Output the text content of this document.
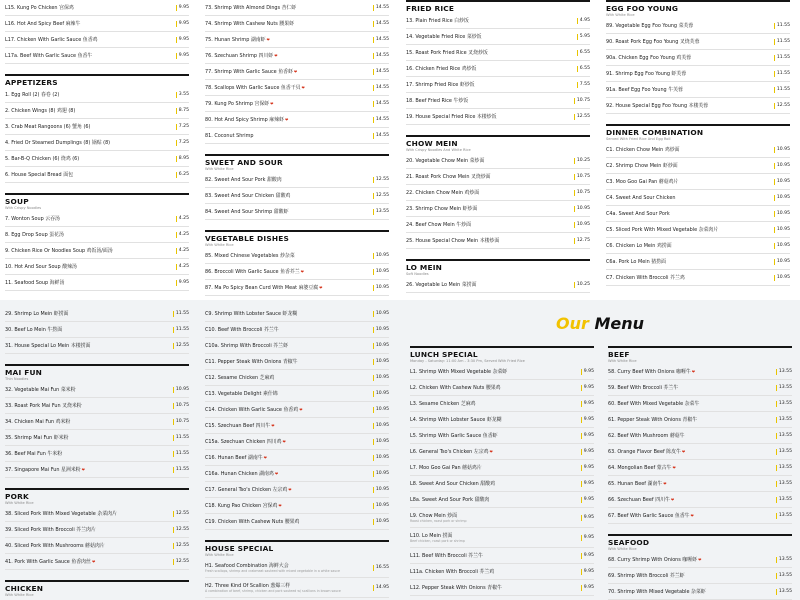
L15. Kung Po Chicken 宫保鸡	9.95
L16. Hot And Spicy Beef 麻辣牛	9.95
L17. Chicken With Garlic Sauce 鱼香鸡	9.95
L17a. Beef With Garlic Sauce 鱼香牛	9.95
APPETIZERS
1. Egg Roll (2) 春卷 (2)	3.55
2. Chicken Wings (8) 鸡翅 (8)	8.75
3. Crab Meat Rangoons (6) 蟹角 (6)	7.25
4. Fried Or Steamed Dumplings (8) 锅贴 (8)	7.25
5. Bar-B-Q Chicken (6) 烧鸡 (6)	8.95
6. House Special Bread 面包	6.25
SOUP
With Crispy Noodles
7. Wonton Soup 云吞汤	4.25
8. Egg Drop Soup 蛋花汤	4.25
9. Chicken Rice Or Noodles Soup 鸡饭汤/面汤	4.25
10. Hot And Sour Soup 酸辣汤	4.25
11. Seafood Soup 海鲜汤	9.95
73. Shrimp With Almond Dings 杏仁虾	14.55
74. Shrimp With Cashew Nuts 腰果虾	14.55
75. Hunan Shrimp 湖南虾❤	14.55
76. Szechuan Shrimp 四川虾❤	14.55
77. Shrimp With Garlic Sauce 鱼香虾❤	14.55
78. Scallops With Garlic Sauce 鱼香干贝❤	14.55
79. Kung Po Shrimp 宫保虾❤	14.55
80. Hot And Spicy Shrimp 麻辣虾❤	14.55
81. Coconut Shrimp	14.55
SWEET AND SOUR
With White Rice
82. Sweet And Sour Pork 甜酸肉	12.55
83. Sweet And Sour Chicken 甜酸鸡	12.55
84. Sweet And Sour Shrimp 甜酸虾	13.55
VEGETABLE DISHES
With White Rice
85. Mixed Chinese Vegetables 炒杂菜	10.95
86. Broccoli With Garlic Sauce 鱼香芥兰❤	10.95
87. Ma Po Spicy Bean Curd With Meat 麻婆豆腐❤	10.95
FRIED RICE
13. Plain Fried Rice 白炒饭	4.95
14. Vegetable Fried Rice 菜炒饭	5.95
15. Roast Pork Fried Rice 叉烧炒饭	6.55
16. Chicken Fried Rice 鸡炒饭	6.55
17. Shrimp Fried Rice 虾炒饭	7.55
18. Beef Fried Rice 牛炒饭	10.75
19. House Special Fried Rice 本楼炒饭	12.55
CHOW MEIN
With Crispy Noodles And White Rice
20. Vegetable Chow Mein 菜炒面	10.25
21. Roast Pork Chow Mein 叉烧炒面	10.75
22. Chicken Chow Mein 鸡炒面	10.75
23. Shrimp Chow Mein 虾炒面	10.95
24. Beef Chow Mein 牛炒面	10.95
25. House Special Chow Mein 本楼炒面	12.75
LO MEIN
Soft Noodles
26. Vegetable Lo Mein 菜捞面	10.25
EGG FOO YOUNG
With White Rice
89. Vegetable Egg Foo Young 菜芙蓉	11.55
90. Roast Pork Egg Foo Young 叉烧芙蓉	11.55
90a. Chicken Egg Foo Young 鸡芙蓉	11.55
91. Shrimp Egg Foo Young 虾芙蓉	11.55
91a. Beef Egg Foo Young 牛芙蓉	11.55
92. House Special Egg Foo Young 本楼芙蓉	12.55
DINNER COMBINATION
Served With Fried Rice And Egg Roll
C1. Chicken Chow Mein 鸡炒面	10.95
C2. Shrimp Chow Mein 虾炒面	10.95
C3. Moo Goo Gai Pan 蘑菇鸡片	10.95
C4. Sweet And Sour Chicken	10.95
C4a. Sweet And Sour Pork	10.95
C5. Sliced Pork With Mixed Vegetable 杂菜肉片	10.95
C6. Chicken Lo Mein 鸡捞面	10.95
C6a. Pork Lo Mein 猪捞面	10.95
C7. Chicken With Broccoli 芥兰鸡	10.95
29. Shrimp Lo Mein 虾捞面	11.55
30. Beef Lo Mein 牛捞面	11.55
31. House Special Lo Mein 本楼捞面	12.55
MAI FUN
Thin Noodles
32. Vegetable Mai Fun 菜米粉	10.95
33. Roast Pork Mai Fun 叉烧米粉	10.75
34. Chicken Mai Fun 鸡米粉	10.75
35. Shrimp Mai Fun 虾米粉	11.55
36. Beef Mai Fun 牛米粉	11.55
37. Singapore Mai Fun 星洲米粉❤	11.55
PORK
With White Rice
38. Sliced Pork With Mixed Vegetable 杂菜肉片	12.55
39. Sliced Pork With Broccoli 芥兰肉片	12.55
40. Sliced Pork With Mushrooms 蘑菇肉片	12.55
41. Pork With Garlic Sauce 鱼香肉丝❤	12.55
CHICKEN
With White Rice
C9. Shrimp With Lobster Sauce 虾龙糊	10.95
C10. Beef With Broccoli 芥兰牛	10.95
C10a. Shrimp With Broccoli 芥兰虾	10.95
C11. Pepper Steak With Onions 青椒牛	10.95
C12. Sesame Chicken 芝麻鸡	10.95
C13. Vegetable Delight 素什锦	10.95
C14. Chicken With Garlic Sauce 鱼香鸡❤	10.95
C15. Szechuan Beef 四川牛❤	10.95
C15a. Szechuan Chicken 四川鸡❤	10.95
C16. Hunan Beef 湖南牛❤	10.95
C16a. Hunan Chicken 湖南鸡❤	10.95
C17. General Tso's Chicken 左宗鸡❤	10.95
C18. Kung Pao Chicken 宫保鸡❤	10.95
C19. Chicken With Cashew Nuts 腰果鸡	10.95
HOUSE SPECIAL
With White Rice
H1. Seafood Combination 海鲜大会
Fresh scallops, shrimp and crabmeat sauteed with mixed vegetable in a white sauce
16.55
H2. Three Kind Of Scallion 葱爆三样
A combination of beef, shrimp, chicken and pork sauteed w/ scallions in brown sauce
14.95
Our Menu
LUNCH SPECIAL
Monday - Saturday: 11:00 Am - 3:30 Pm, Served With Fried Rice
L1. Shrimp With Mixed Vegetable 杂菜虾	9.95
L2. Chicken With Cashew Nuts 腰果鸡	9.95
L3. Sesame Chicken 芝麻鸡	9.95
L4. Shrimp With Lobster Sauce 虾龙糊	9.95
L5. Shrimp With Garlic Sauce 鱼香虾	9.95
L6. General Tso's Chicken 左宗鸡❤	9.95
L7. Moo Goo Gai Pan 蘑菇鸡片	9.95
L8. Sweet And Sour Chicken 甜酸鸡	9.95
L8a. Sweet And Sour Pork 甜酸肉	9.95
L9. Chow Mein 炒面
Roast chicken, roast pork or shrimp
9.95
L10. Lo Mein 捞面
Beef chicken, roast pork or shrimp
9.95
L11. Beef With Broccoli 芥兰牛	9.95
L11a. Chicken With Broccoli 芥兰鸡	9.95
L12. Pepper Steak With Onions 青椒牛	9.95
BEEF
With White Rice
58. Curry Beef With Onions 咖喱牛❤	13.55
59. Beef With Broccoli 芥兰牛	13.55
60. Beef With Mixed Vegetable 杂菜牛	13.55
61. Pepper Steak With Onions 青椒牛	13.55
62. Beef With Mushroom 蘑菇牛	13.55
63. Orange Flavor Beef 陈皮牛❤	13.55
64. Mongolian Beef 蒙古牛❤	13.55
65. Hunan Beef 湖南牛❤	13.55
66. Szechuan Beef 四川牛❤	13.55
67. Beef With Garlic Sauce 鱼香牛❤	13.55
SEAFOOD
With White Rice
68. Curry Shrimp With Onions 咖喱虾❤	13.55
69. Shrimp With Broccoli 芥兰虾	13.55
70. Shrimp With Mixed Vegetable 杂菜虾	13.55
